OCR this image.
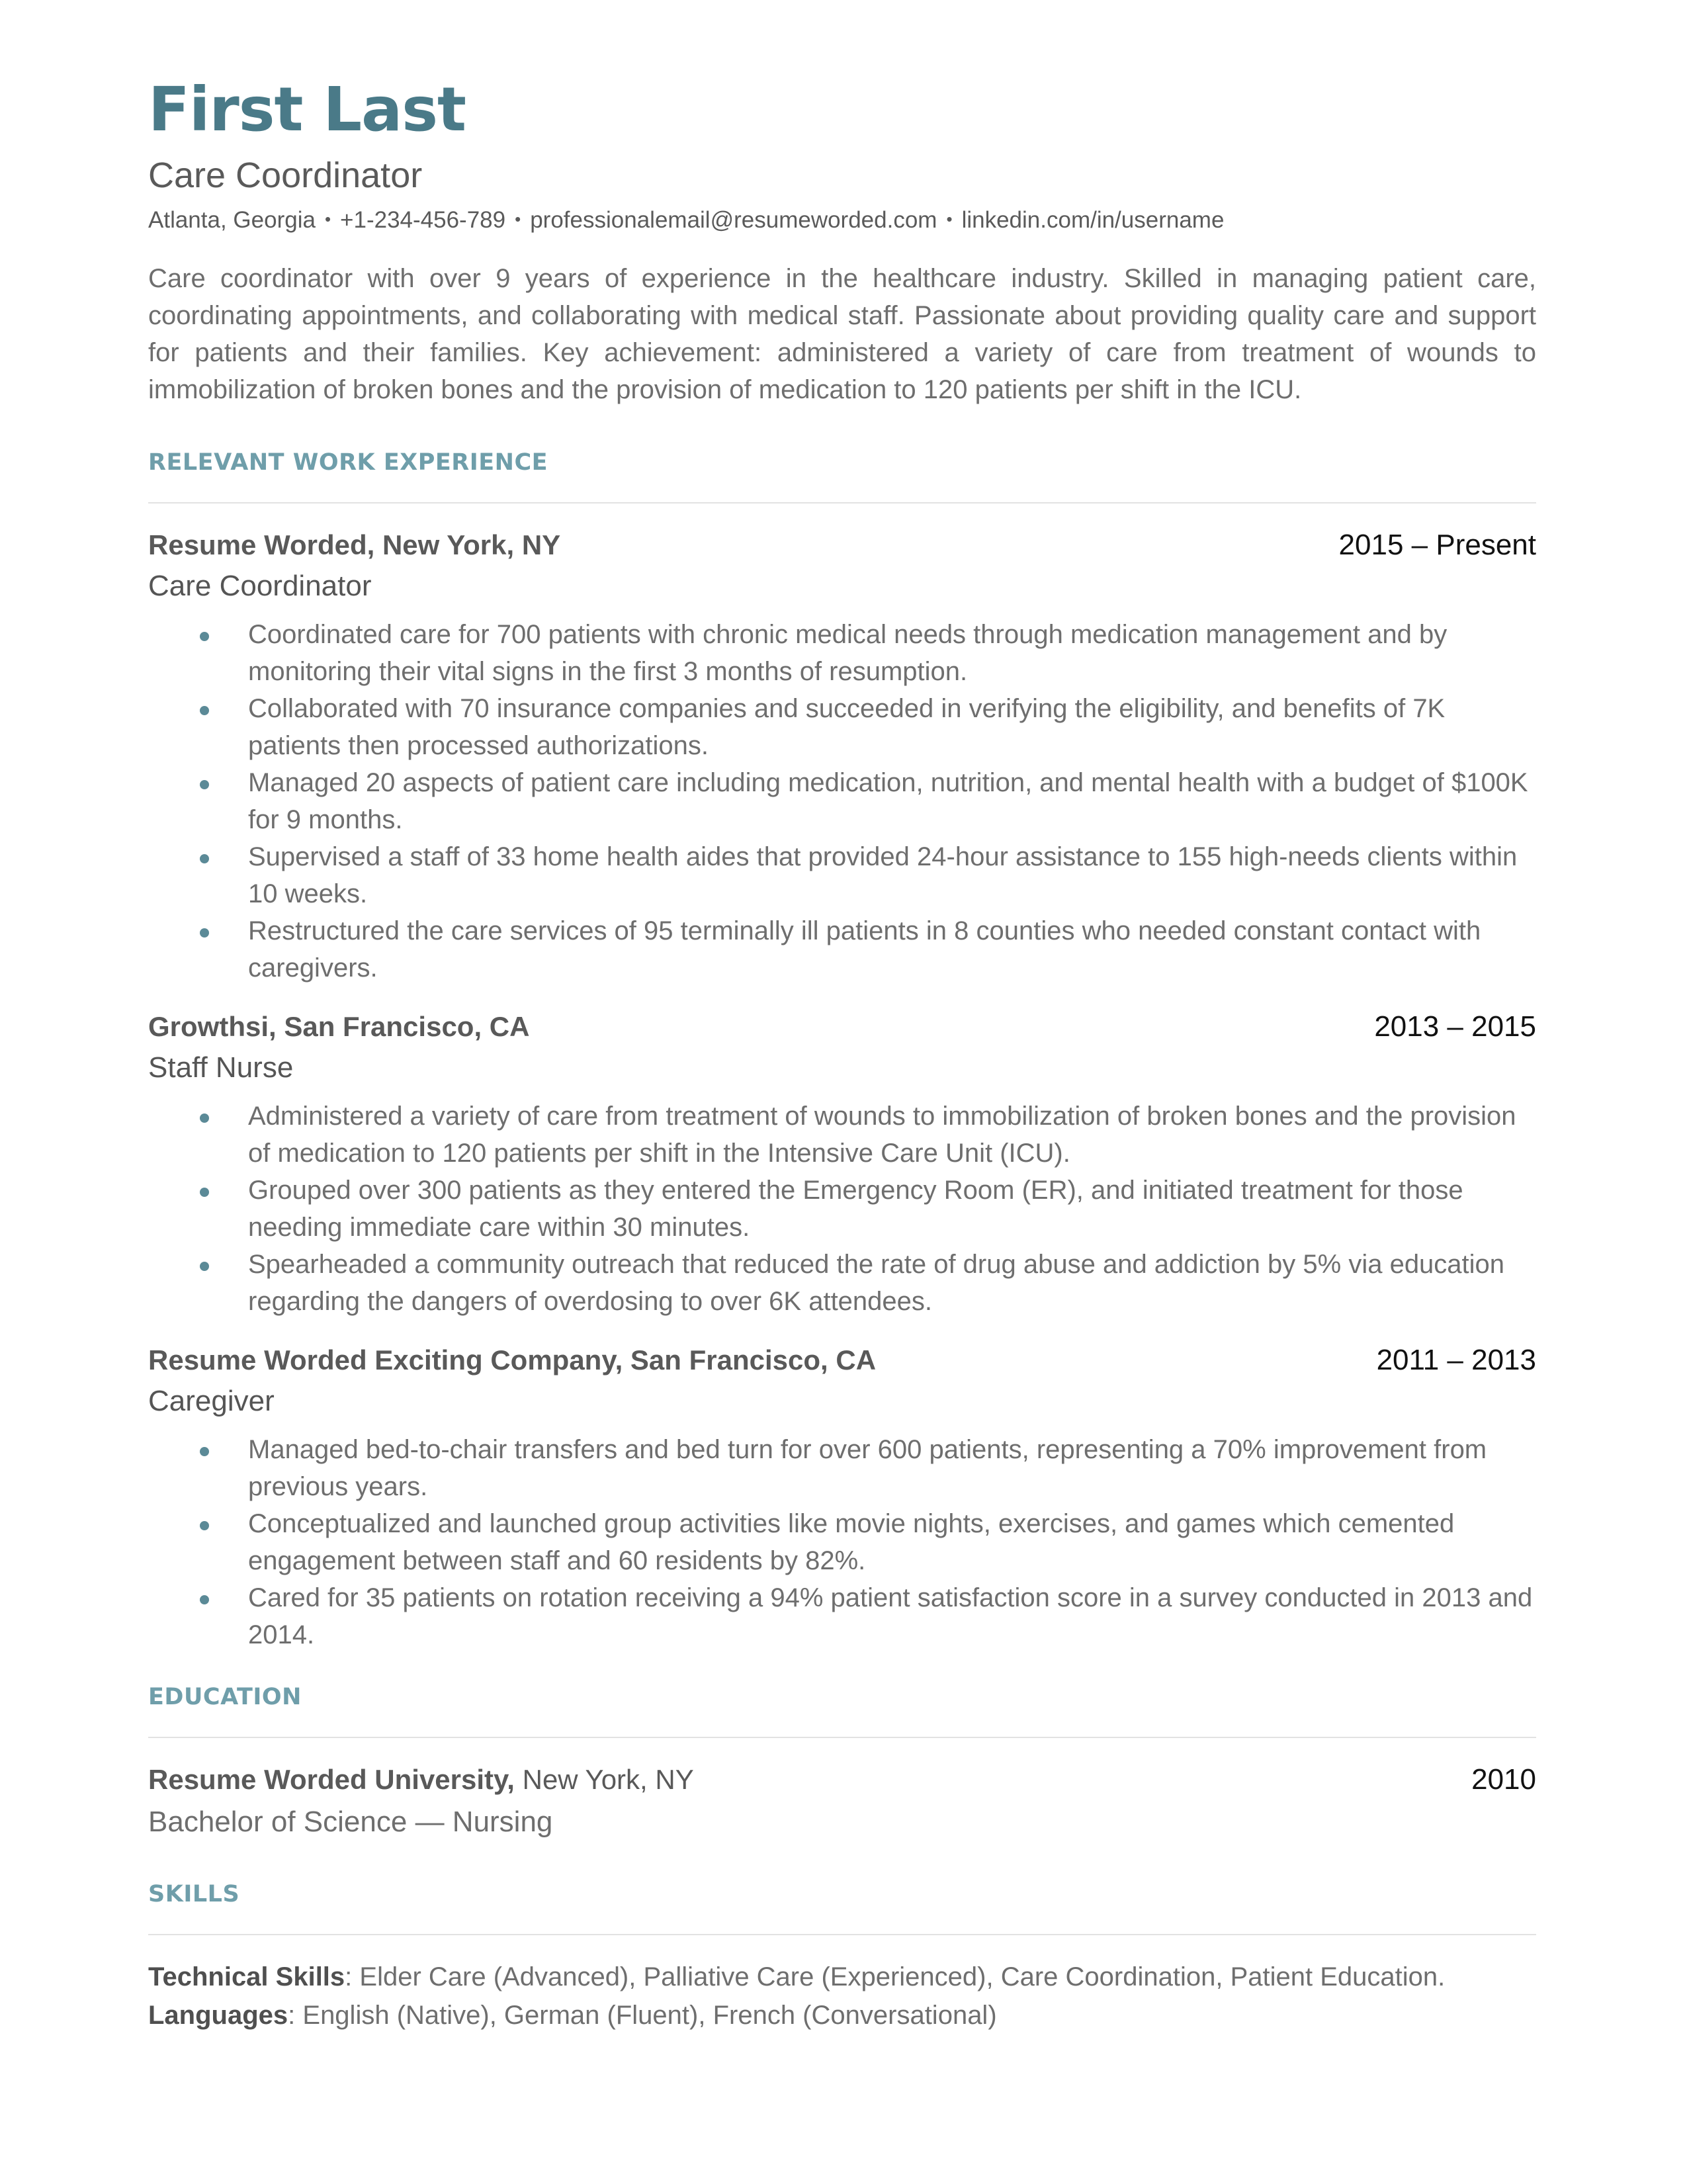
First Last
Care Coordinator
Atlanta, Georgia • +1-234-456-789 • professionalemail@resumeworded.com • linkedin.com/in/username
Care coordinator with over 9 years of experience in the healthcare industry. Skilled in managing patient care, coordinating appointments, and collaborating with medical staff. Passionate about providing quality care and support for patients and their families. Key achievement: administered a variety of care from treatment of wounds to immobilization of broken bones and the provision of medication to 120 patients per shift in the ICU.
RELEVANT WORK EXPERIENCE
Resume Worded, New York, NY	2015 – Present
Care Coordinator
Coordinated care for 700 patients with chronic medical needs through medication management and by monitoring their vital signs in the first 3 months of resumption.
Collaborated with 70 insurance companies and succeeded in verifying the eligibility, and benefits of 7K patients then processed authorizations.
Managed 20 aspects of patient care including medication, nutrition, and mental health with a budget of $100K for 9 months.
Supervised a staff of 33 home health aides that provided 24-hour assistance to 155 high-needs clients within 10 weeks.
Restructured the care services of 95 terminally ill patients in 8 counties who needed constant contact with caregivers.
Growthsi, San Francisco, CA	2013 – 2015
Staff Nurse
Administered a variety of care from treatment of wounds to immobilization of broken bones and the provision of medication to 120 patients per shift in the Intensive Care Unit (ICU).
Grouped over 300 patients as they entered the Emergency Room (ER), and initiated treatment for those needing immediate care within 30 minutes.
Spearheaded a community outreach that reduced the rate of drug abuse and addiction by 5% via education regarding the dangers of overdosing to over 6K attendees.
Resume Worded Exciting Company, San Francisco, CA	2011 – 2013
Caregiver
Managed bed-to-chair transfers and bed turn for over 600 patients, representing a 70% improvement from previous years.
Conceptualized and launched group activities like movie nights, exercises, and games which cemented engagement between staff and 60 residents by 82%.
Cared for 35 patients on rotation receiving a 94% patient satisfaction score in a survey conducted in 2013 and 2014.
EDUCATION
Resume Worded University, New York, NY	2010
Bachelor of Science — Nursing
SKILLS
Technical Skills: Elder Care (Advanced), Palliative Care (Experienced), Care Coordination, Patient Education.
Languages: English (Native), German (Fluent), French (Conversational)
